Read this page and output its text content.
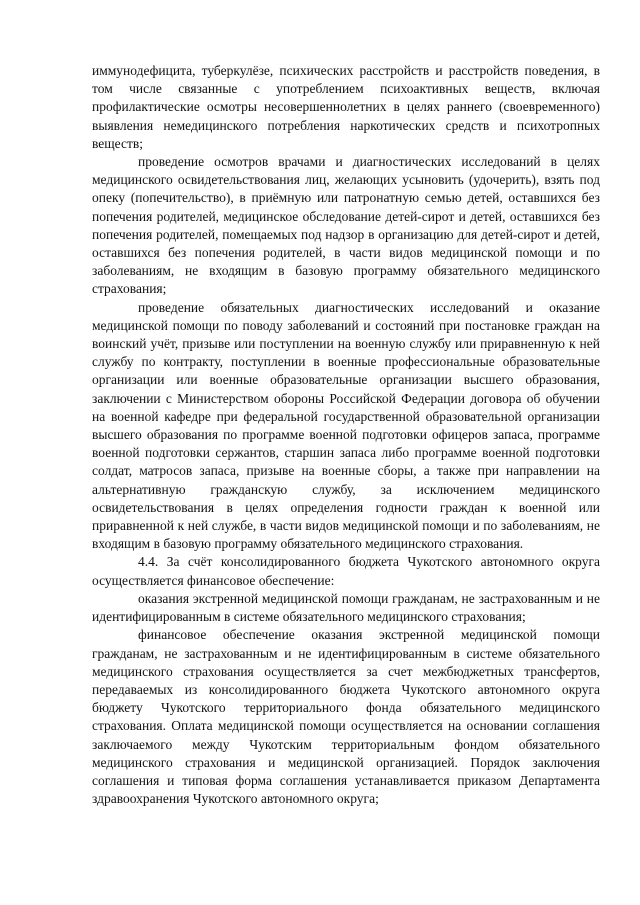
иммунодефицита, туберкулёзе, психических расстройств и расстройств поведения, в том числе связанные с употреблением психоактивных веществ, включая профилактические осмотры несовершеннолетних в целях раннего (своевременного) выявления немедицинского потребления наркотических средств и психотропных веществ;

проведение осмотров врачами и диагностических исследований в целях медицинского освидетельствования лиц, желающих усыновить (удочерить), взять под опеку (попечительство), в приёмную или патронатную семью детей, оставшихся без попечения родителей, медицинское обследование детей-сирот и детей, оставшихся без попечения родителей, помещаемых под надзор в организацию для детей-сирот и детей, оставшихся без попечения родителей, в части видов медицинской помощи и по заболеваниям, не входящим в базовую программу обязательного медицинского страхования;

проведение обязательных диагностических исследований и оказание медицинской помощи по поводу заболеваний и состояний при постановке граждан на воинский учёт, призыве или поступлении на военную службу или приравненную к ней службу по контракту, поступлении в военные профессиональные образовательные организации или военные образовательные организации высшего образования, заключении с Министерством обороны Российской Федерации договора об обучении на военной кафедре при федеральной государственной образовательной организации высшего образования по программе военной подготовки офицеров запаса, программе военной подготовки сержантов, старшин запаса либо программе военной подготовки солдат, матросов запаса, призыве на военные сборы, а также при направлении на альтернативную гражданскую службу, за исключением медицинского освидетельствования в целях определения годности граждан к военной или приравненной к ней службе, в части видов медицинской помощи и по заболеваниям, не входящим в базовую программу обязательного медицинского страхования.

4.4. За счёт консолидированного бюджета Чукотского автономного округа осуществляется финансовое обеспечение:

оказания экстренной медицинской помощи гражданам, не застрахованным и не идентифицированным в системе обязательного медицинского страхования;

финансовое обеспечение оказания экстренной медицинской помощи гражданам, не застрахованным и не идентифицированным в системе обязательного медицинского страхования осуществляется за счет межбюджетных трансфертов, передаваемых из консолидированного бюджета Чукотского автономного округа бюджету Чукотского территориального фонда обязательного медицинского страхования. Оплата медицинской помощи осуществляется на основании соглашения заключаемого между Чукотским территориальным фондом обязательного медицинского страхования и медицинской организацией. Порядок заключения соглашения и типовая форма соглашения устанавливается приказом Департамента здравоохранения Чукотского автономного округа;
